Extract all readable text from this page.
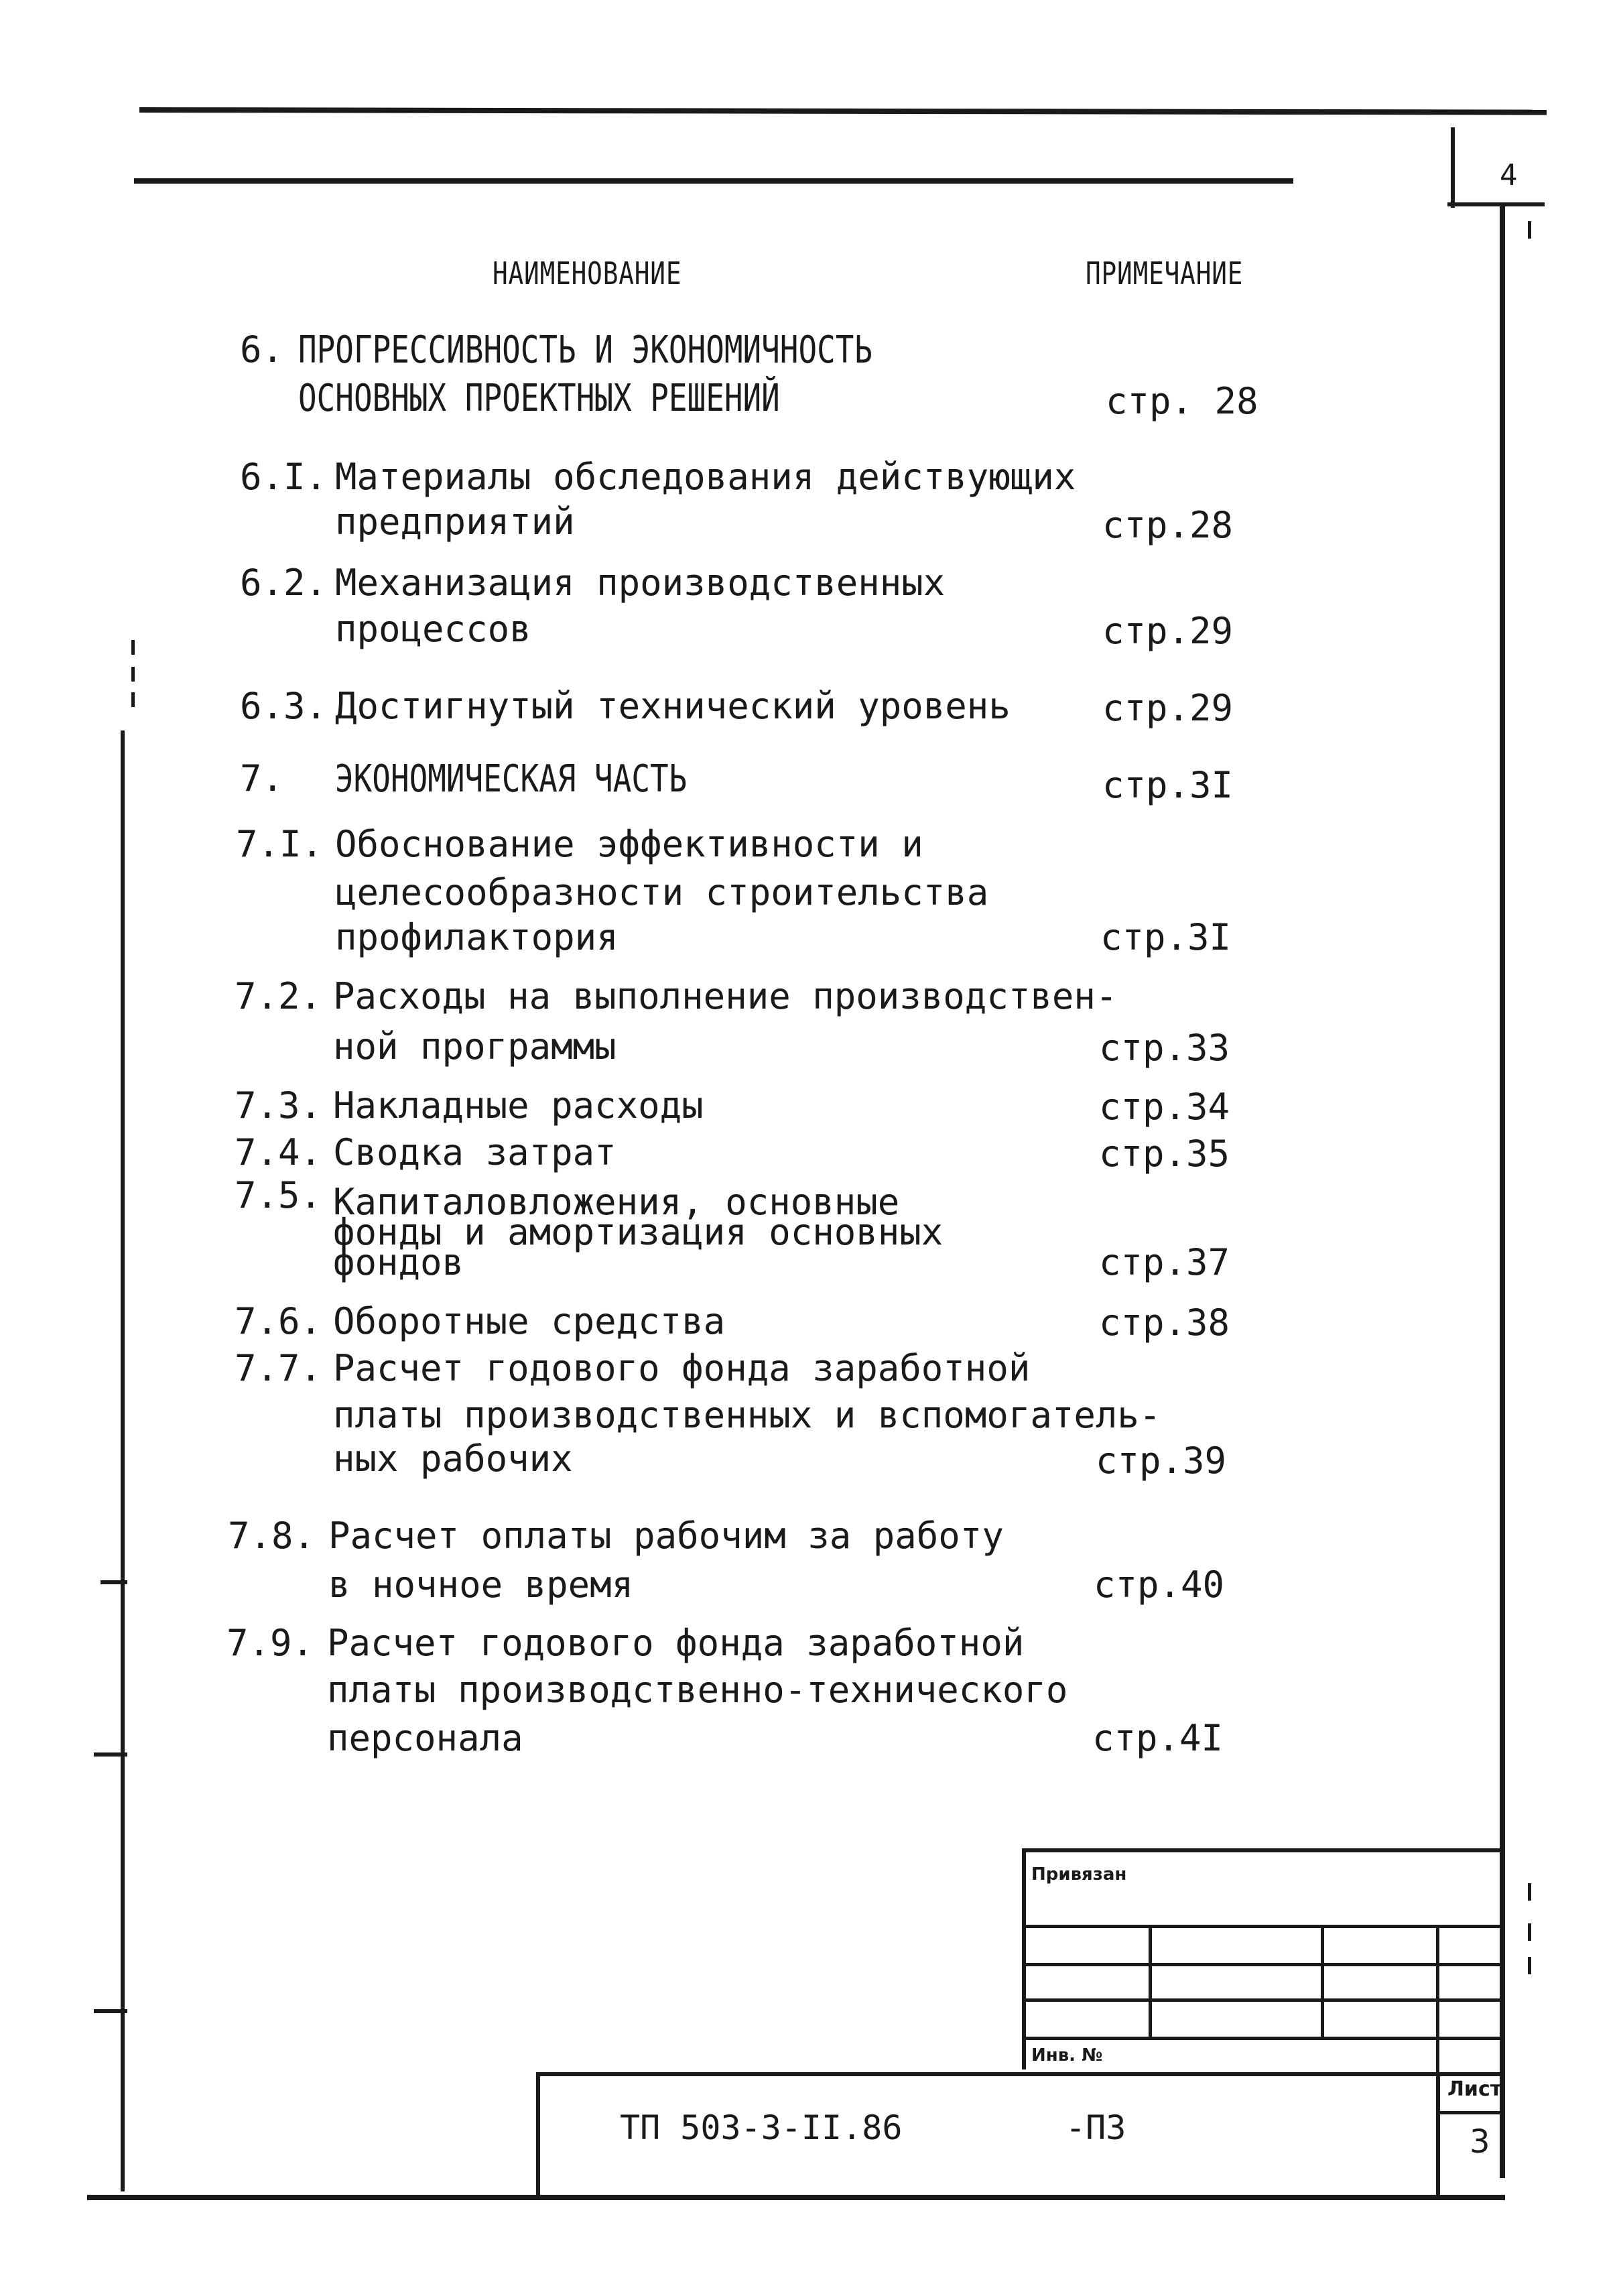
4
НАИМЕНОВАНИЕ	ПРИМЕЧАНИЕ
6. ПРОГРЕССИВНОСТЬ И ЭКОНОМИЧНОСТЬ
ОСНОВНЫХ ПРОЕКТНЫХ РЕШЕНИЙ	стр. 28
6.I. Материалы обследования действующих
предприятий	стр.28
6.2. Механизация производственных
процессов	стр.29
6.3. Достигнутый технический уровень	стр.29
7. ЭКОНОМИЧЕСКАЯ ЧАСТЬ	стр.3I
7.I. Обоснование эффективности и
целесообразности строительства
профилактория	стр.3I
7.2. Расходы на выполнение производствен-
ной программы	стр.33
7.3. Накладные расходы	стр.34
7.4. Сводка затрат	стр.35
7.5. Капиталовложения, основные
фонды и амортизация основных
фондов	стр.37
7.6. Оборотные средства	стр.38
7.7. Расчет годового фонда заработной
платы производственных и вспомогатель-
ных рабочих	стр.39
7.8. Расчет оплаты рабочим за работу
в ночное время	стр.40
7.9. Расчет годового фонда заработной
платы производственно-технического
персонала	стр.4I
Привязан
Инв. №
Лист
3
ТП 503-3-II.86	-ПЗ
